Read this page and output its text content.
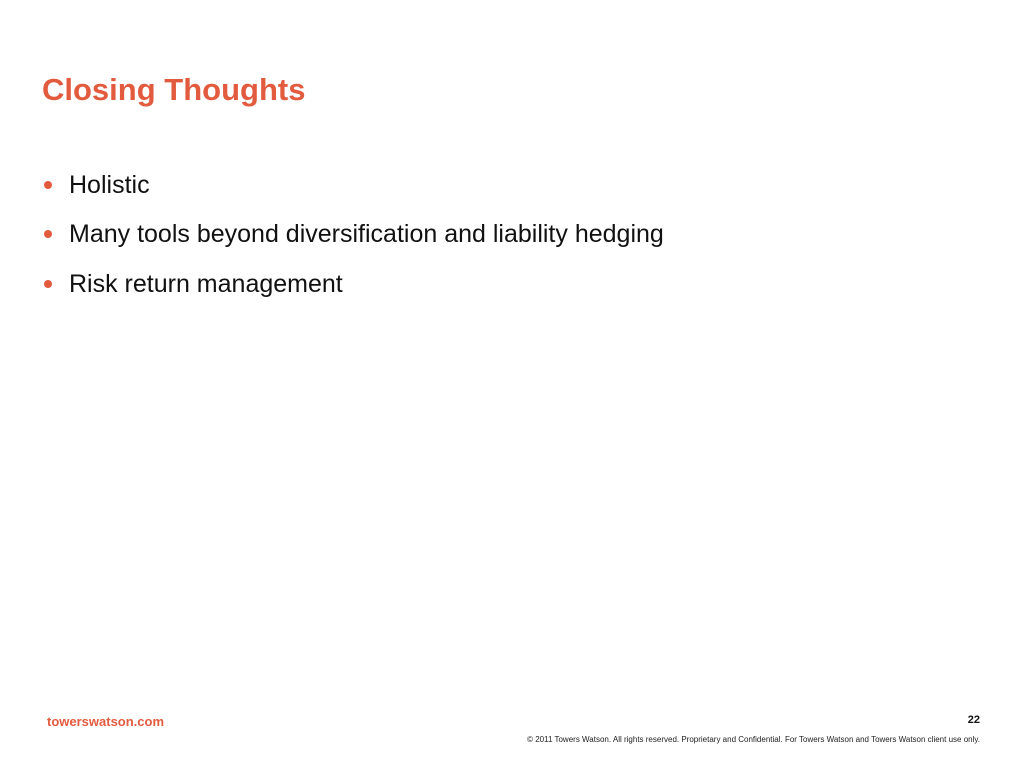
Closing Thoughts
Holistic
Many tools beyond diversification and liability hedging
Risk return management
towerswatson.com	22
© 2011 Towers Watson. All rights reserved. Proprietary and Confidential. For Towers Watson and Towers Watson client use only.
